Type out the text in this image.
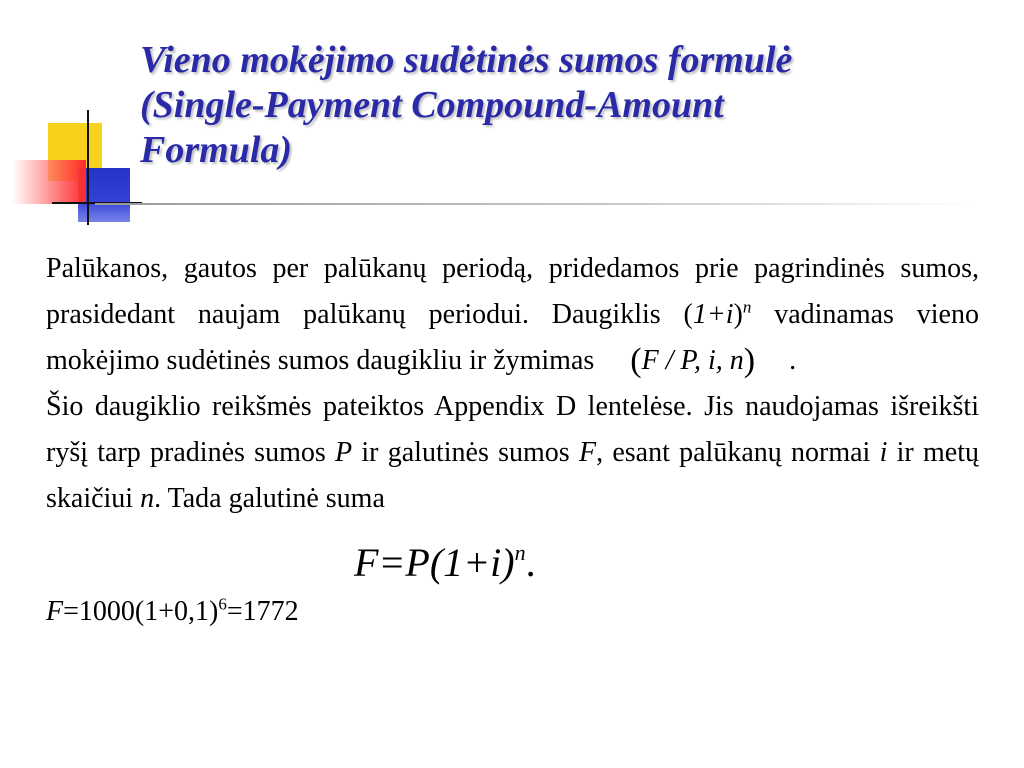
Vieno mokėjimo sudėtinės sumos formulė
(Single-Payment Compound-Amount
Formula)
Palūkanos, gautos per palūkanų periodą, pridedamos prie pagrindinės sumos, prasidedant naujam palūkanų periodui. Daugiklis $(1+i)^n$ vadinamas vieno mokėjimo sudėtinės sumos daugikliu ir žymimas (F / P, i, n) .
Šio daugiklio reikšmės pateiktos Appendix D lentelėse. Jis naudojamas išreikšti ryšį tarp pradinės sumos P ir galutinės sumos F, esant palūkanų normai i ir metų skaičiui n. Tada galutinė suma
$F=P(1+i)^n$.
$F=1000(1+0,1)^6=1772$
